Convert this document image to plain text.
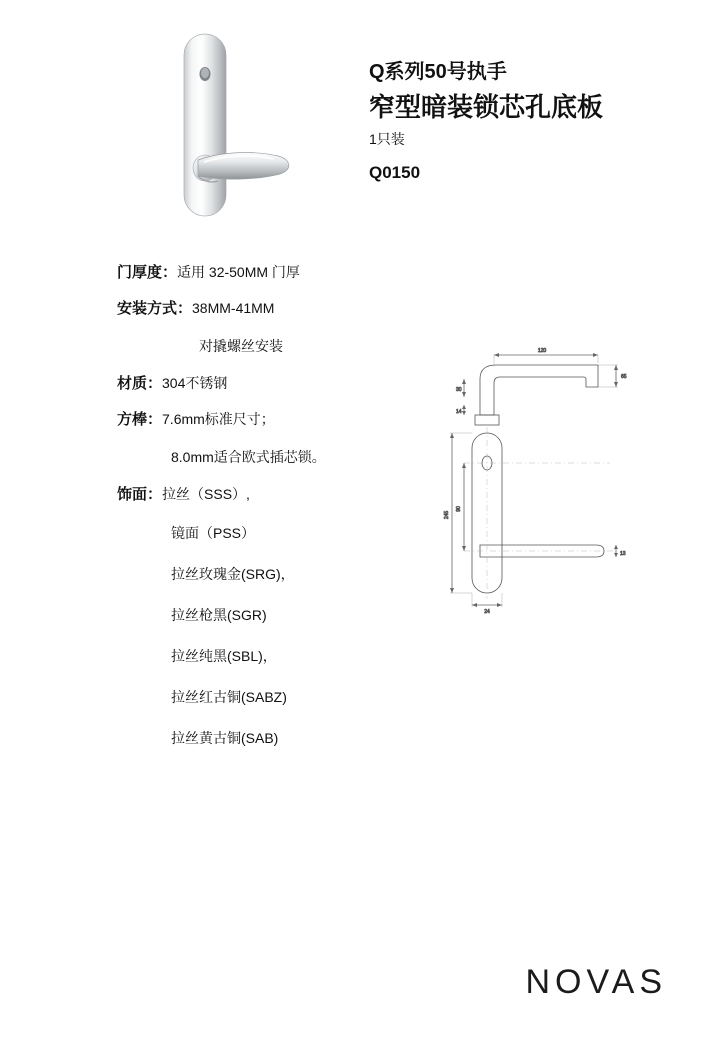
Q系列50号执手
窄型暗装锁芯孔底板
1只装
Q0150
门厚度：适用 32-50MM 门厚
安装方式：38MM-41MM
对撬螺丝安装
材质：304不锈钢
方棒：7.6mm标准尺寸；
8.0mm适合欧式插芯锁。
饰面：拉丝（SSS）,
镜面（PSS）
拉丝玫瑰金(SRG)，
拉丝枪黑(SGR)
拉丝纯黑(SBL)，
拉丝红古铜(SABZ)
拉丝黄古铜(SAB)
120
65
30
14
245
90
24
13
NOVAS
